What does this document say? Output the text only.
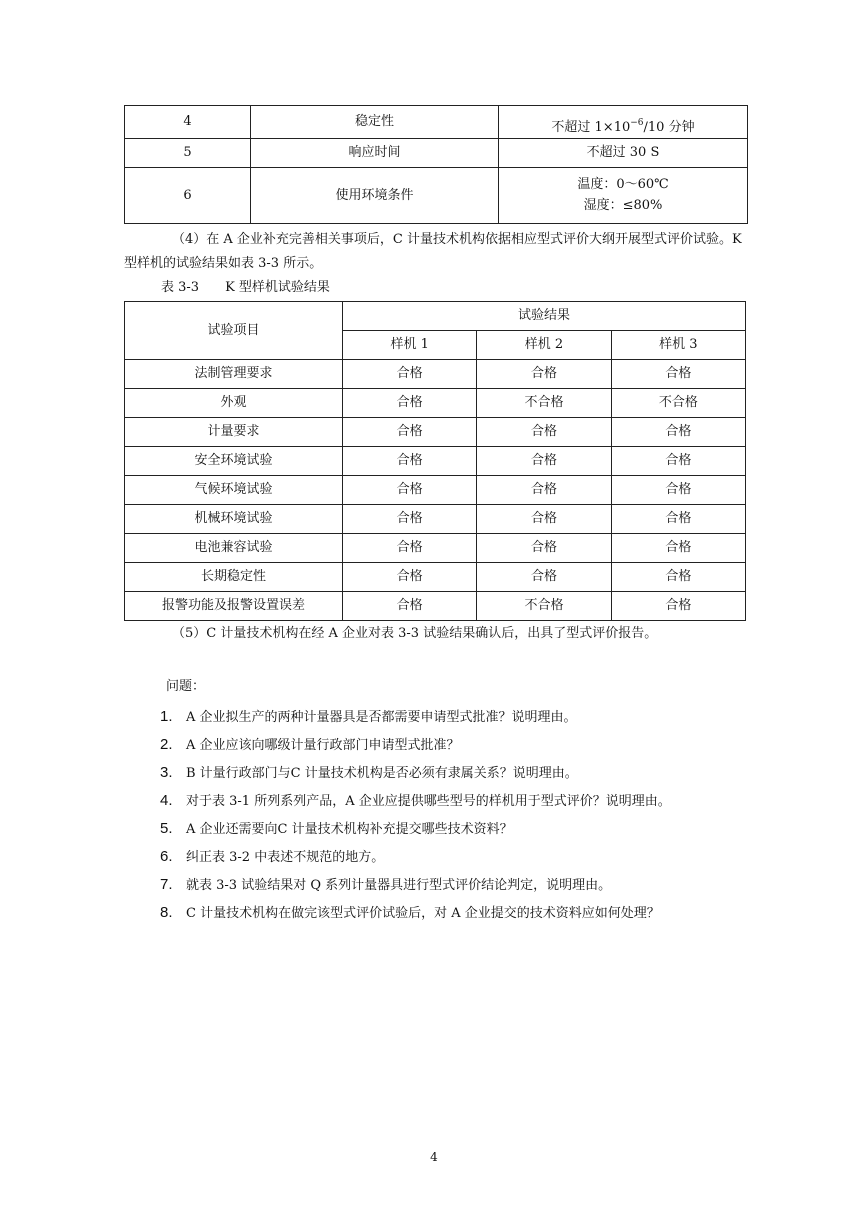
4	稳定性	不超过 $1\times 10^{-6}/10$ 分钟
5	响应时间	不超过 30 S
6	使用环境条件	温度：0～60℃
湿度：≤80%
（4）在 A 企业补充完善相关事项后，C 计量技术机构依据相应型式评价大纲开展型式评价试验。K 型样机的试验结果如表 3-3 所示。
表 3-3 K 型样机试验结果
试验项目	试验结果		
	样机 1	样机 2	样机 3
法制管理要求	合格	合格	合格
外观	合格	不合格	不合格
计量要求	合格	合格	合格
安全环境试验	合格	合格	合格
气候环境试验	合格	合格	合格
机械环境试验	合格	合格	合格
电池兼容试验	合格	合格	合格
长期稳定性	合格	合格	合格
报警功能及报警设置误差	合格	不合格	合格
（5）C 计量技术机构在经 A 企业对表 3-3 试验结果确认后，出具了型式评价报告。
问题：
1. A 企业拟生产的两种计量器具是否都需要申请型式批准？说明理由。
2. A 企业应该向哪级计量行政部门申请型式批准？
3. B 计量行政部门与C 计量技术机构是否必须有隶属关系？说明理由。
4. 对于表 3-1 所列系列产品，A 企业应提供哪些型号的样机用于型式评价？说明理由。
5. A 企业还需要向C 计量技术机构补充提交哪些技术资料？
6. 纠正表 3-2 中表述不规范的地方。
7. 就表 3-3 试验结果对 Q 系列计量器具进行型式评价结论判定，说明理由。
8. C 计量技术机构在做完该型式评价试验后，对 A 企业提交的技术资料应如何处理？
4
